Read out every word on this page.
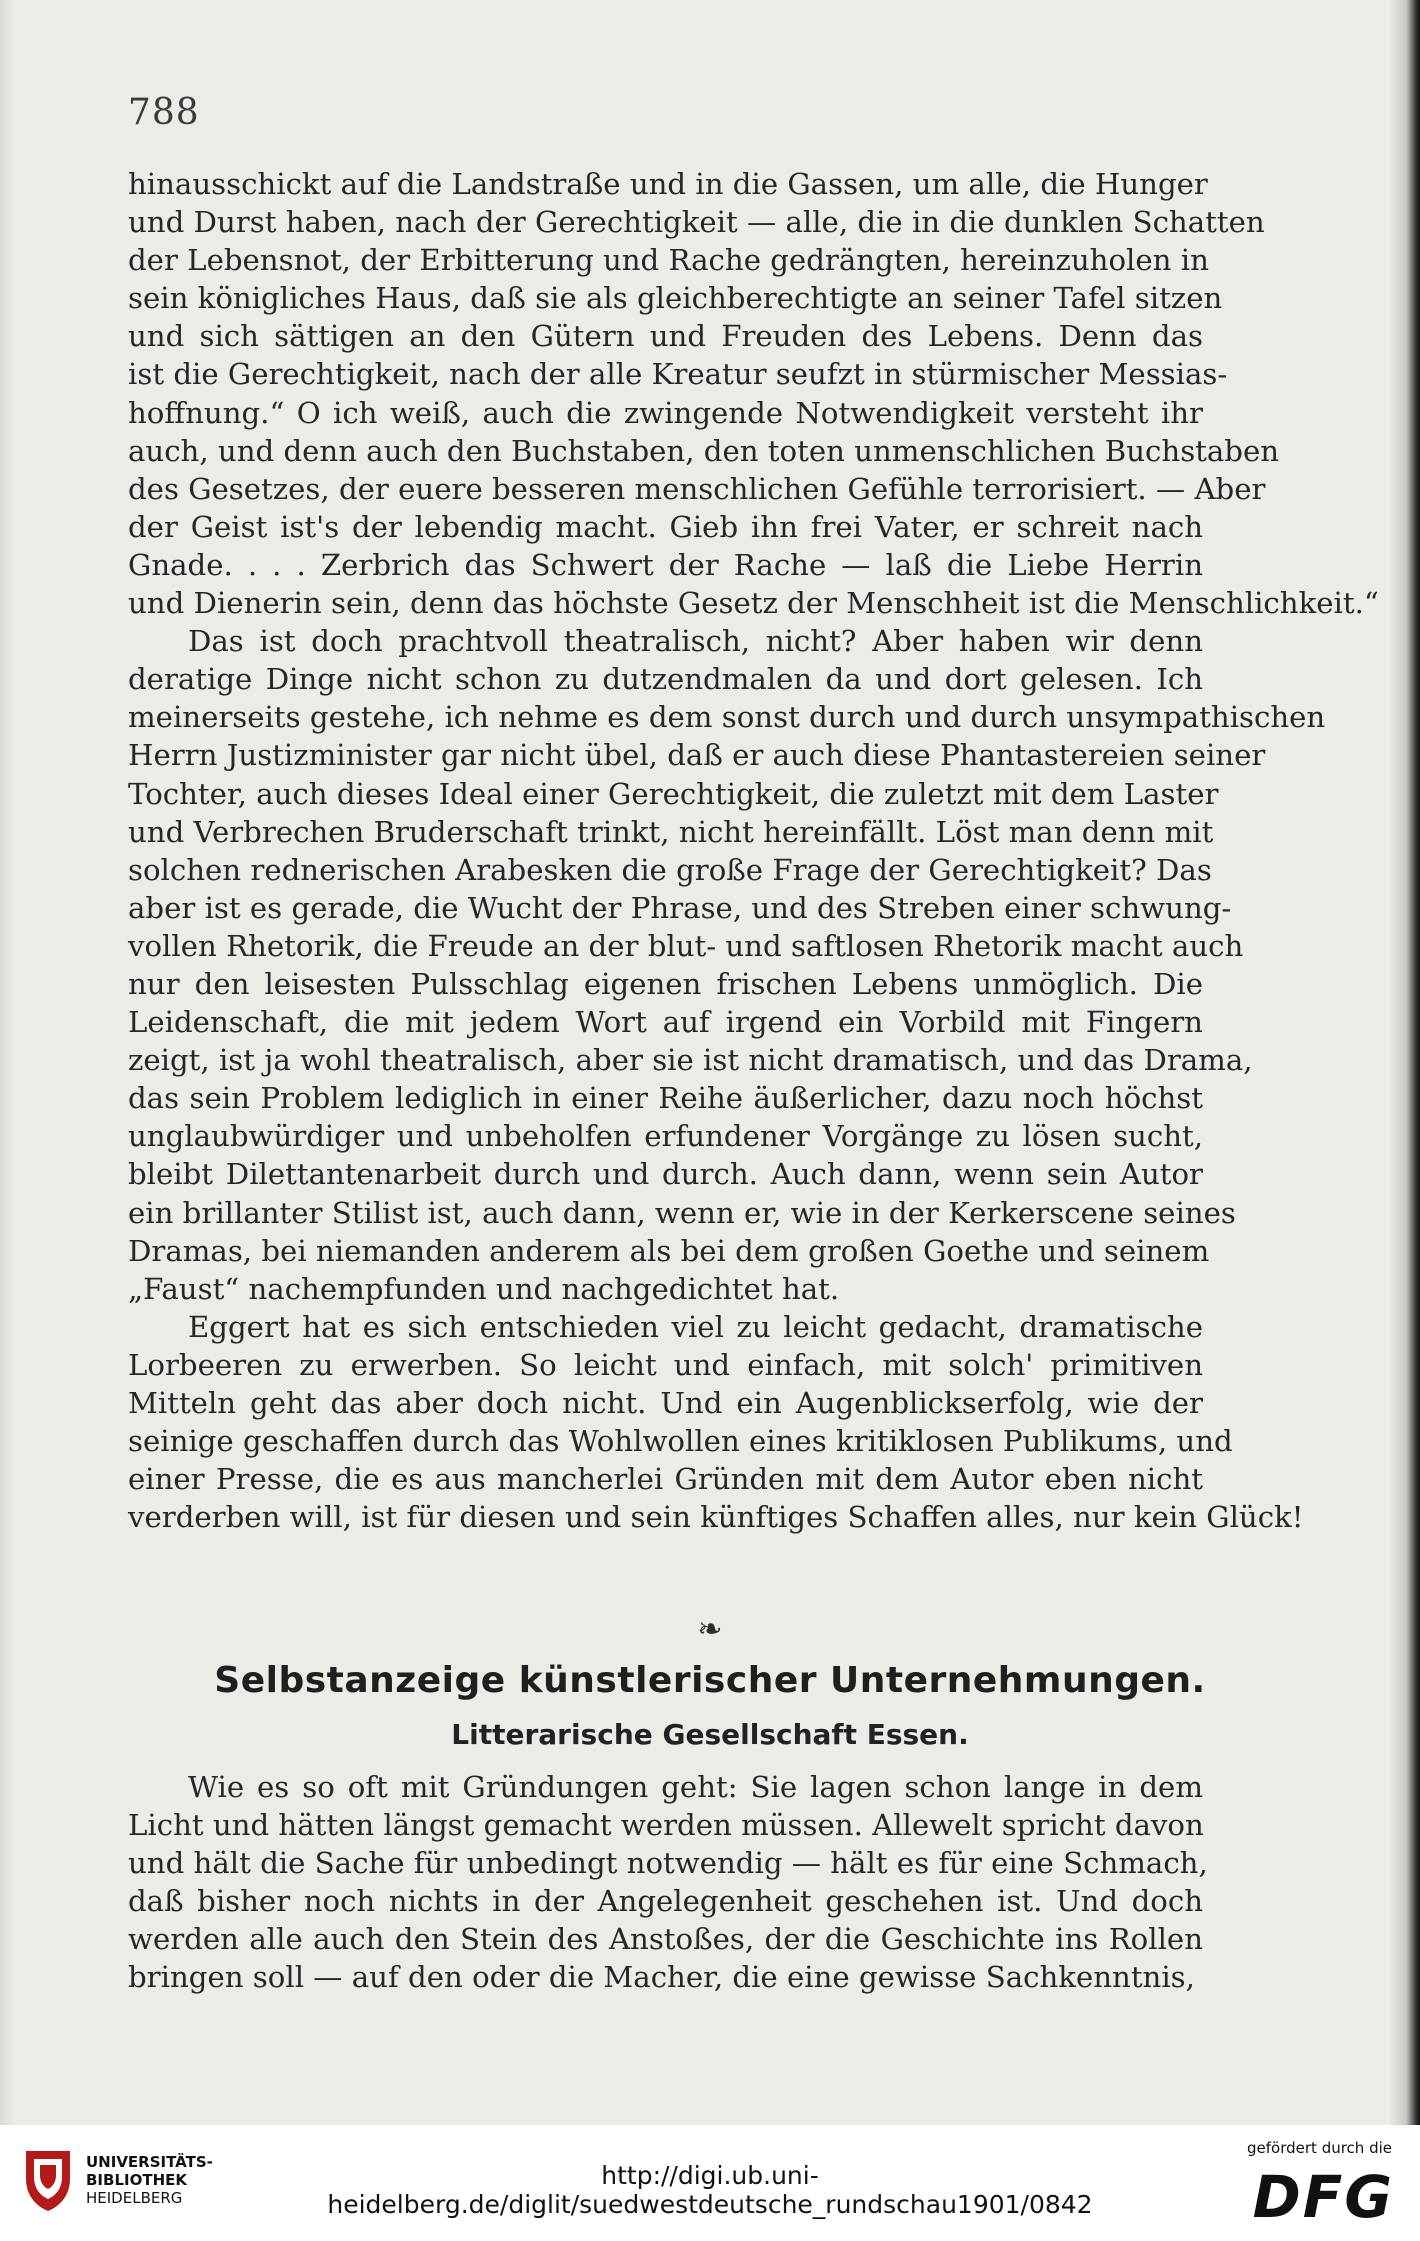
788

hinausschickt auf die Landstraße und in die Gassen, um alle, die Hunger
und Durst haben, nach der Gerechtigkeit — alle, die in die dunklen Schatten
der Lebensnot, der Erbitterung und Rache gedrängten, hereinzuholen in
sein königliches Haus, daß sie als gleichberechtigte an seiner Tafel sitzen
und sich sättigen an den Gütern und Freuden des Lebens. Denn das
ist die Gerechtigkeit, nach der alle Kreatur seufzt in stürmischer Messias-
hoffnung.“ O ich weiß, auch die zwingende Notwendigkeit versteht ihr
auch, und denn auch den Buchstaben, den toten unmenschlichen Buchstaben
des Gesetzes, der euere besseren menschlichen Gefühle terrorisiert. — Aber
der Geist ist's der lebendig macht. Gieb ihn frei Vater, er schreit nach
Gnade. . . . Zerbrich das Schwert der Rache — laß die Liebe Herrin
und Dienerin sein, denn das höchste Gesetz der Menschheit ist die Menschlichkeit.“

Das ist doch prachtvoll theatralisch, nicht? Aber haben wir denn
deratige Dinge nicht schon zu dutzendmalen da und dort gelesen. Ich
meinerseits gestehe, ich nehme es dem sonst durch und durch unsympathischen
Herrn Justizminister gar nicht übel, daß er auch diese Phantastereien seiner
Tochter, auch dieses Ideal einer Gerechtigkeit, die zuletzt mit dem Laster
und Verbrechen Bruderschaft trinkt, nicht hereinfällt. Löst man denn mit
solchen rednerischen Arabesken die große Frage der Gerechtigkeit? Das
aber ist es gerade, die Wucht der Phrase, und des Streben einer schwung-
vollen Rhetorik, die Freude an der blut- und saftlosen Rhetorik macht auch
nur den leisesten Pulsschlag eigenen frischen Lebens unmöglich. Die
Leidenschaft, die mit jedem Wort auf irgend ein Vorbild mit Fingern
zeigt, ist ja wohl theatralisch, aber sie ist nicht dramatisch, und das Drama,
das sein Problem lediglich in einer Reihe äußerlicher, dazu noch höchst
unglaubwürdiger und unbeholfen erfundener Vorgänge zu lösen sucht,
bleibt Dilettantenarbeit durch und durch. Auch dann, wenn sein Autor
ein brillanter Stilist ist, auch dann, wenn er, wie in der Kerkerscene seines
Dramas, bei niemanden anderem als bei dem großen Goethe und seinem
„Faust“ nachempfunden und nachgedichtet hat.

Eggert hat es sich entschieden viel zu leicht gedacht, dramatische
Lorbeeren zu erwerben. So leicht und einfach, mit solch' primitiven
Mitteln geht das aber doch nicht. Und ein Augenblickserfolg, wie der
seinige geschaffen durch das Wohlwollen eines kritiklosen Publikums, und
einer Presse, die es aus mancherlei Gründen mit dem Autor eben nicht
verderben will, ist für diesen und sein künftiges Schaffen alles, nur kein Glück!

❧
Selbstanzeige künstlerischer Unternehmungen.
Litterarische Gesellschaft Essen.

Wie es so oft mit Gründungen geht: Sie lagen schon lange in dem
Licht und hätten längst gemacht werden müssen. Allewelt spricht davon
und hält die Sache für unbedingt notwendig — hält es für eine Schmach,
daß bisher noch nichts in der Angelegenheit geschehen ist. Und doch
werden alle auch den Stein des Anstoßes, der die Geschichte ins Rollen
bringen soll — auf den oder die Macher, die eine gewisse Sachkenntnis,

UNIVERSITÄTS-
BIBLIOTHEK
HEIDELBERG
http://digi.ub.uni-heidelberg.de/diglit/suedwestdeutsche_rundschau1901/0842
gefördert durch die
DFG
